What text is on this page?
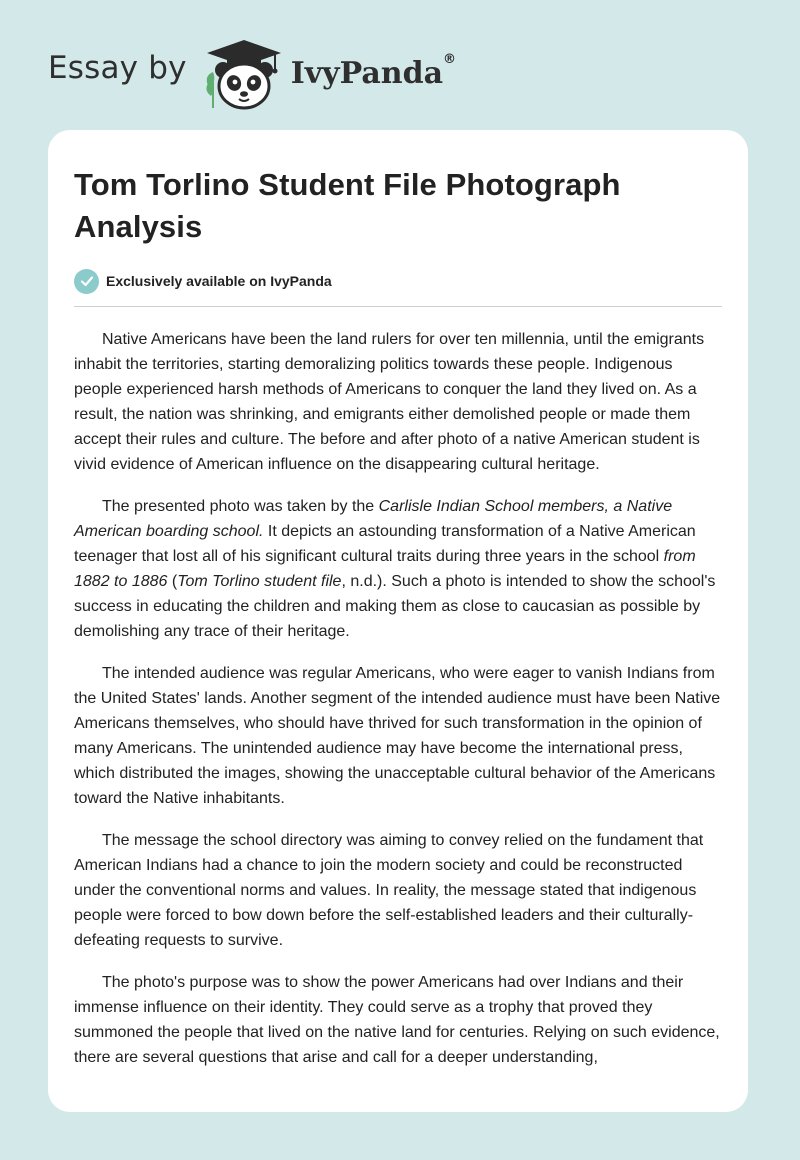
Essay by	IvyPanda®
Tom Torlino Student File Photograph Analysis
Exclusively available on IvyPanda

Native Americans have been the land rulers for over ten millennia, until the emigrants inhabit the territories, starting demoralizing politics towards these people. Indigenous people experienced harsh methods of Americans to conquer the land they lived on. As a result, the nation was shrinking, and emigrants either demolished people or made them accept their rules and culture. The before and after photo of a native American student is vivid evidence of American influence on the disappearing cultural heritage.

The presented photo was taken by the Carlisle Indian School members, a Native American boarding school. It depicts an astounding transformation of a Native American teenager that lost all of his significant cultural traits during three years in the school from 1882 to 1886 (Tom Torlino student file, n.d.). Such a photo is intended to show the school's success in educating the children and making them as close to caucasian as possible by demolishing any trace of their heritage.

The intended audience was regular Americans, who were eager to vanish Indians from the United States' lands. Another segment of the intended audience must have been Native Americans themselves, who should have thrived for such transformation in the opinion of many Americans. The unintended audience may have become the international press, which distributed the images, showing the unacceptable cultural behavior of the Americans toward the Native inhabitants.

The message the school directory was aiming to convey relied on the fundament that American Indians had a chance to join the modern society and could be reconstructed under the conventional norms and values. In reality, the message stated that indigenous people were forced to bow down before the self-established leaders and their culturally-defeating requests to survive.

The photo's purpose was to show the power Americans had over Indians and their immense influence on their identity. They could serve as a trophy that proved they summoned the people that lived on the native land for centuries. Relying on such evidence, there are several questions that arise and call for a deeper understanding,
